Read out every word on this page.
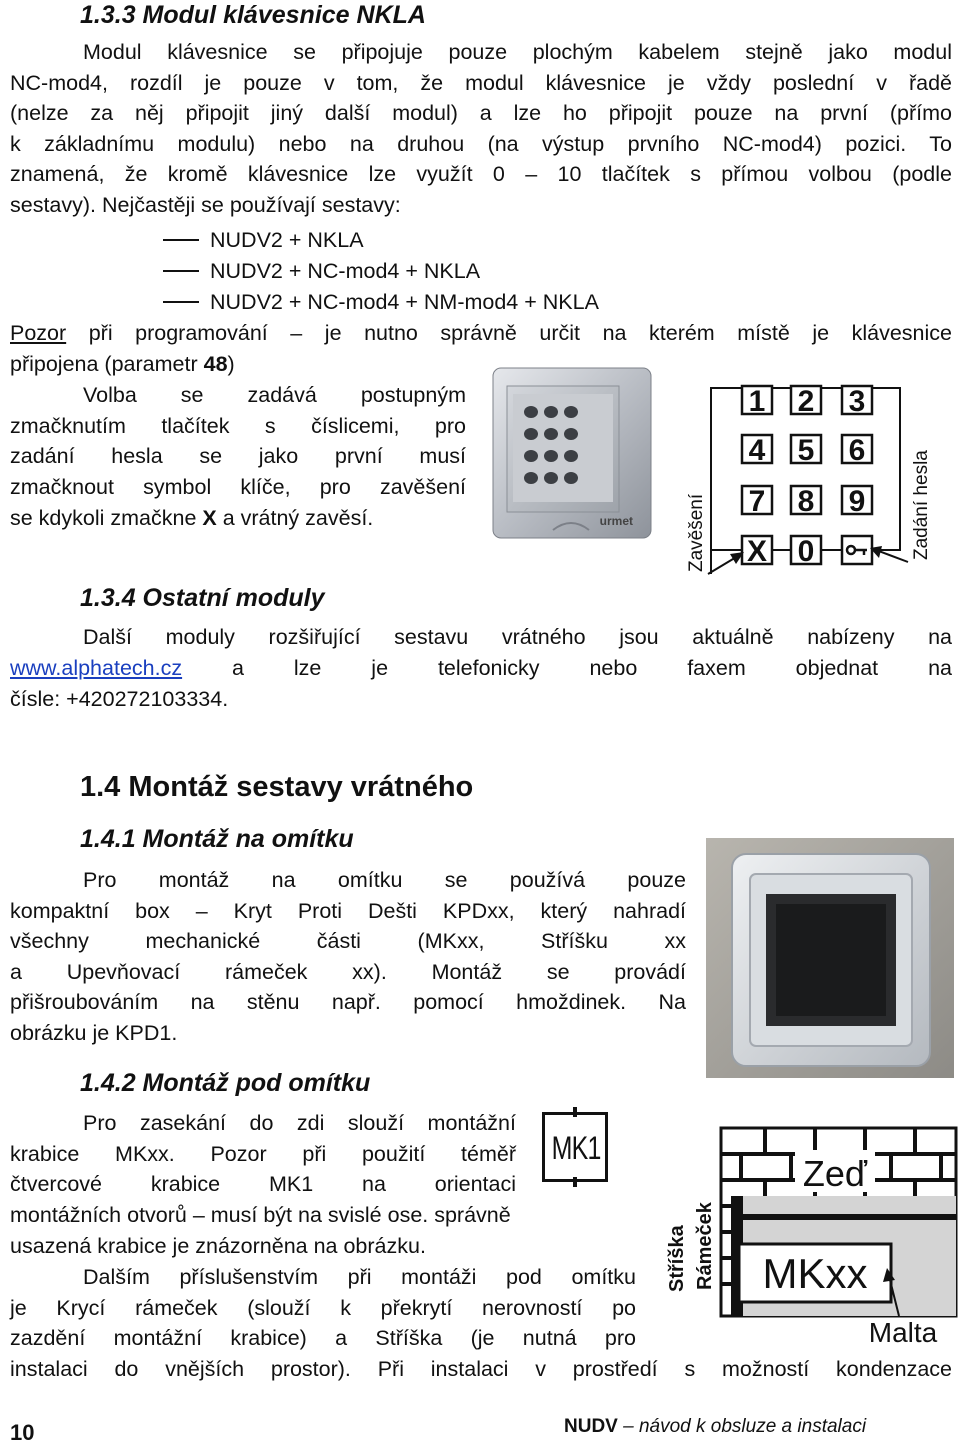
1.3.3 Modul klávesnice NKLA
Modul klávesnice se připojuje pouze plochým kabelem stejně jako modul
NC-mod4, rozdíl je pouze v tom, že modul klávesnice je vždy poslední v řadě
(nelze za něj připojit jiný další modul) a lze ho připojit pouze na první (přímo
k základnímu modulu) nebo na druhou (na výstup prvního NC-mod4) pozici. To
znamená, že kromě klávesnice lze využít 0 – 10 tlačítek s přímou volbou (podle
sestavy). Nejčastěji se používají sestavy:
NUDV2 + NKLA
NUDV2 + NC-mod4 + NKLA
NUDV2 + NC-mod4 + NM-mod4 + NKLA
Pozor při programování – je nutno správně určit na kterém místě je klávesnice
připojena (parametr 48)
Volba se zadává postupným
zmačknutím tlačítek s číslicemi, pro
zadání hesla se jako první musí
zmačknout symbol klíče, pro zavěšení
se kdykoli zmačkne X a vrátný zavěsí.	urmet
1 2 3
4 5 6
7 8 9
X 0
Zavěšení	Zadání hesla
1.3.4 Ostatní moduly
Další moduly rozšiřující sestavu vrátného jsou aktuálně nabízeny na
www.alphatech.cz a lze je telefonicky nebo faxem objednat na
čísle: +420272103334.
1.4 Montáž sestavy vrátného
1.4.1 Montáž na omítku
Pro montáž na omítku se používá pouze
kompaktní box – Kryt Proti Dešti KPDxx, který nahradí
všechny mechanické části (MKxx, Stříšku xx
a Upevňovací rámeček xx). Montáž se provádí
přišroubováním na stěnu např. pomocí hmoždinek. Na
obrázku je KPD1.
1.4.2 Montáž pod omítku
Pro zasekání do zdi slouží montážní
krabice MKxx. Pozor při použití téměř
čtvercové krabice MK1 na orientaci
montážních otvorů – musí být na svislé ose. správně
usazená krabice je znázorněna na obrázku.
Dalším příslušenstvím při montáži pod omítku
je Krycí rámeček (slouží k překrytí nerovností po
zazdění montážní krabice) a Stříška (je nutná pro
instalaci do vnějších prostor). Při instalaci v prostředí s možností kondenzace
MK1
Zeď
MKxx
Malta
Stříška Rámeček
10	NUDV – návod k obsluze a instalaci
